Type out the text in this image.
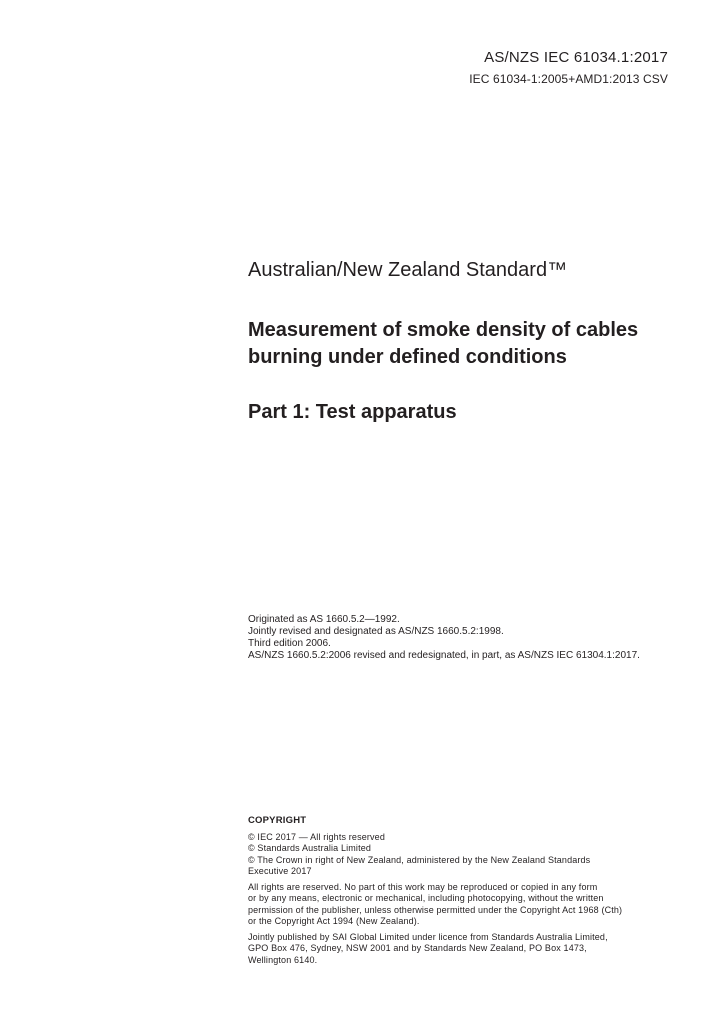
AS/NZS IEC 61034.1:2017
IEC 61034-1:2005+AMD1:2013 CSV
Australian/New Zealand Standard™
Measurement of smoke density of cables
burning under defined conditions
Part 1: Test apparatus
Originated as AS 1660.5.2—1992.
Jointly revised and designated as AS/NZS 1660.5.2:1998.
Third edition 2006.
AS/NZS 1660.5.2:2006 revised and redesignated, in part, as AS/NZS IEC 61304.1:2017.
COPYRIGHT
© IEC 2017 — All rights reserved
© Standards Australia Limited
© The Crown in right of New Zealand, administered by the New Zealand Standards
Executive 2017
All rights are reserved. No part of this work may be reproduced or copied in any form
or by any means, electronic or mechanical, including photocopying, without the written
permission of the publisher, unless otherwise permitted under the Copyright Act 1968 (Cth)
or the Copyright Act 1994 (New Zealand).
Jointly published by SAI Global Limited under licence from Standards Australia Limited,
GPO Box 476, Sydney, NSW 2001 and by Standards New Zealand, PO Box 1473,
Wellington 6140.
